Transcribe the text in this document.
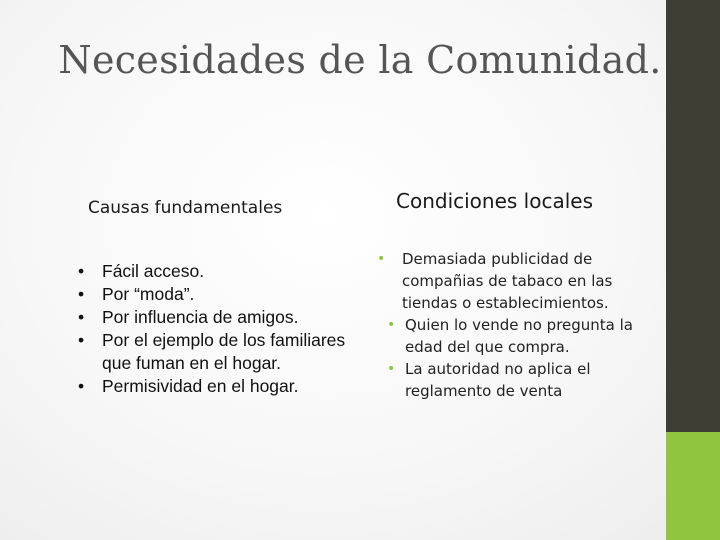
Necesidades de la Comunidad.
Causas fundamentales
• Fácil acceso.
• Por “moda”.
• Por influencia de amigos.
• Por el ejemplo de los familiares que fuman en el hogar.
• Permisividad en el hogar.
Condiciones locales
• Demasiada publicidad de compañias de tabaco en las tiendas o establecimientos.
• Quien lo vende no pregunta la edad del que compra.
• La autoridad no aplica el reglamento de venta
